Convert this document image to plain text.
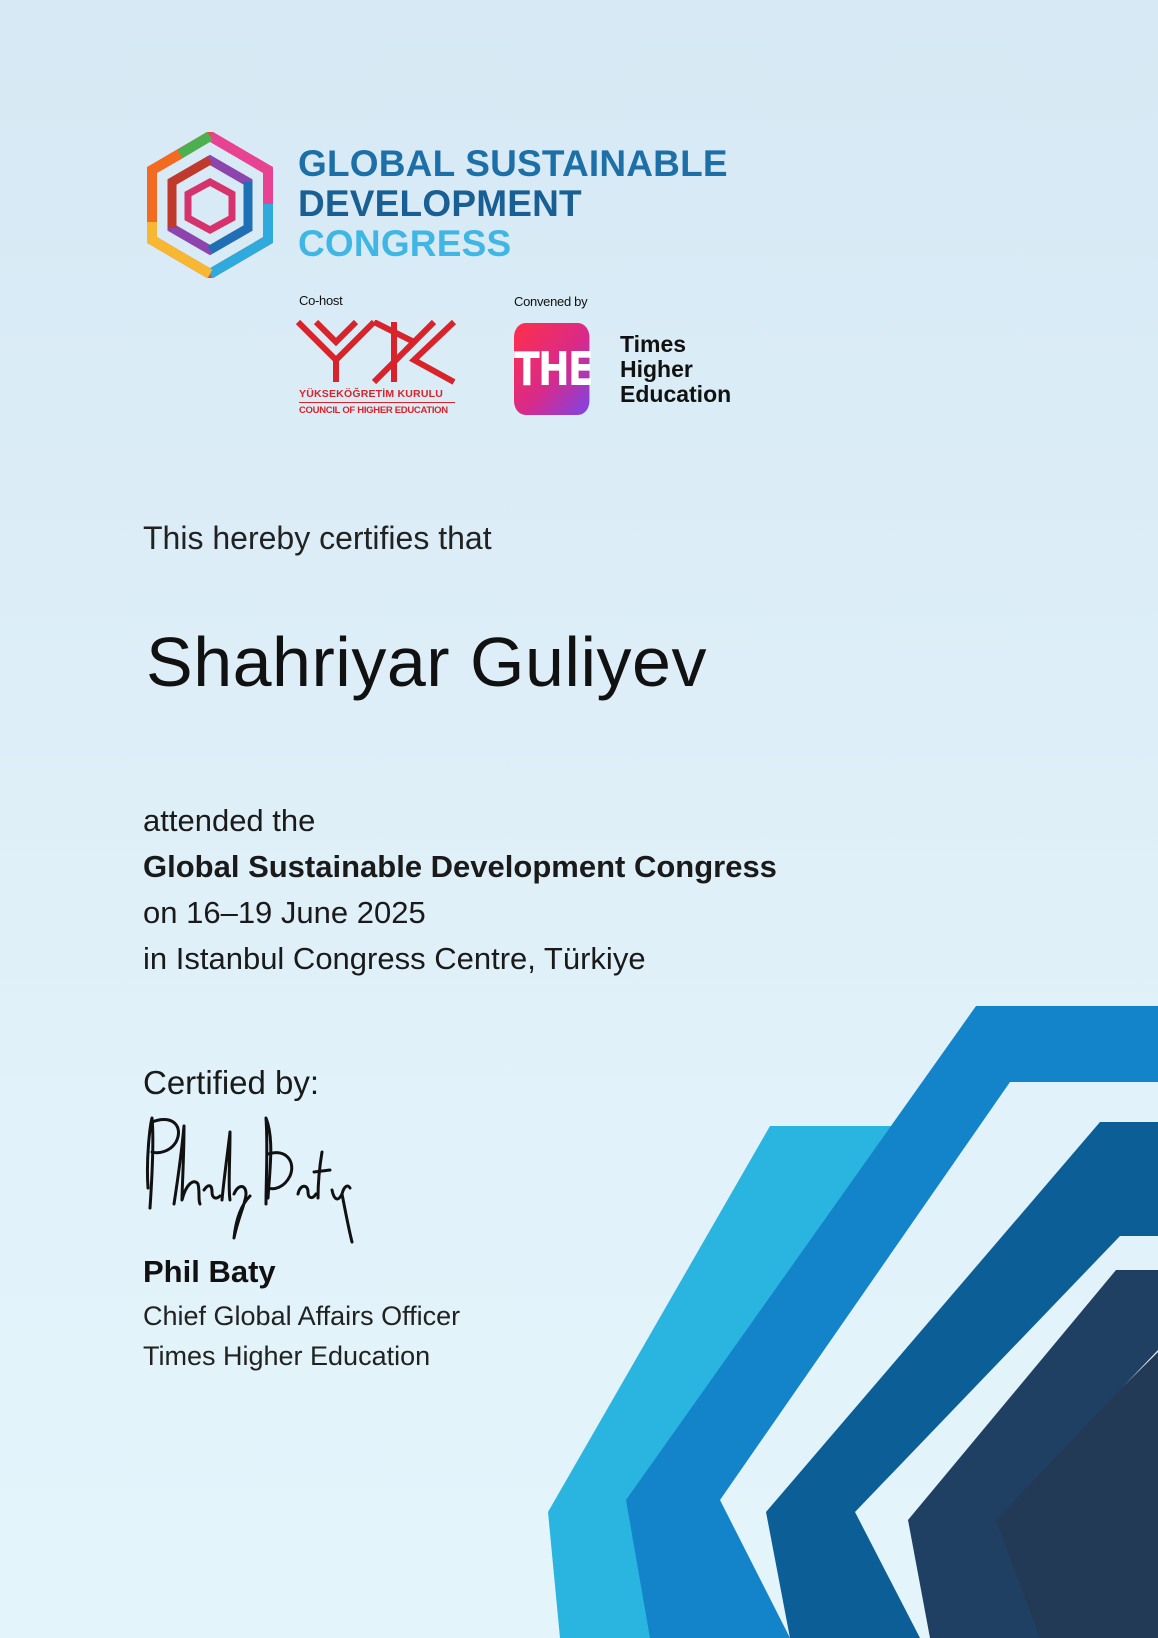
GLOBAL SUSTAINABLE
DEVELOPMENT
CONGRESS
Co-host
YÜKSEKÖĞRETİM KURULU
COUNCIL OF HIGHER EDUCATION
Convened by
THE Times
Higher
Education
This hereby certifies that
Shahriyar Guliyev
attended the
Global Sustainable Development Congress
on 16–19 June 2025
in Istanbul Congress Centre, Türkiye
Certified by:
Phil Baty
Chief Global Affairs Officer
Times Higher Education
